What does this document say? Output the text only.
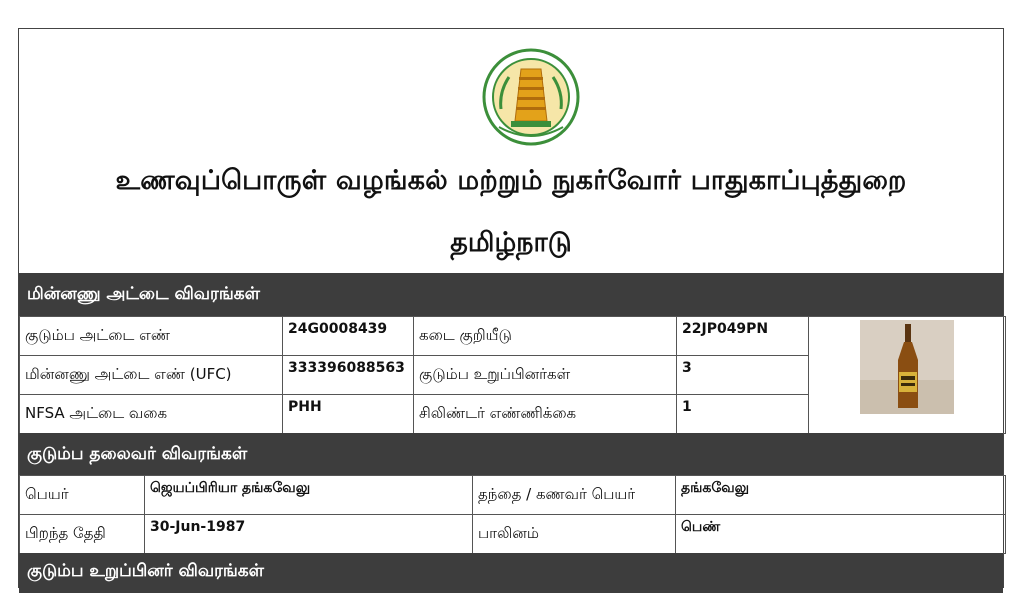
உணவுப்பொருள் வழங்கல் மற்றும் நுகர்வோர் பாதுகாப்புத்துறை
தமிழ்நாடு
மின்னணு அட்டை விவரங்கள்
குடும்ப அட்டை எண்	24G0008439	கடை குறியீடு	22JP049PN	
மின்னணு அட்டை எண் (UFC)	333396088563	குடும்ப உறுப்பினர்கள்	3	
NFSA அட்டை வகை	PHH	சிலிண்டர் எண்ணிக்கை	1	
குடும்ப தலைவர் விவரங்கள்
பெயர்	ஜெயப்பிரியா தங்கவேலு	தந்தை / கணவர் பெயர்	தங்கவேலு
பிறந்த தேதி	30-Jun-1987	பாலினம்	பெண்
குடும்ப உறுப்பினர் விவரங்கள்
